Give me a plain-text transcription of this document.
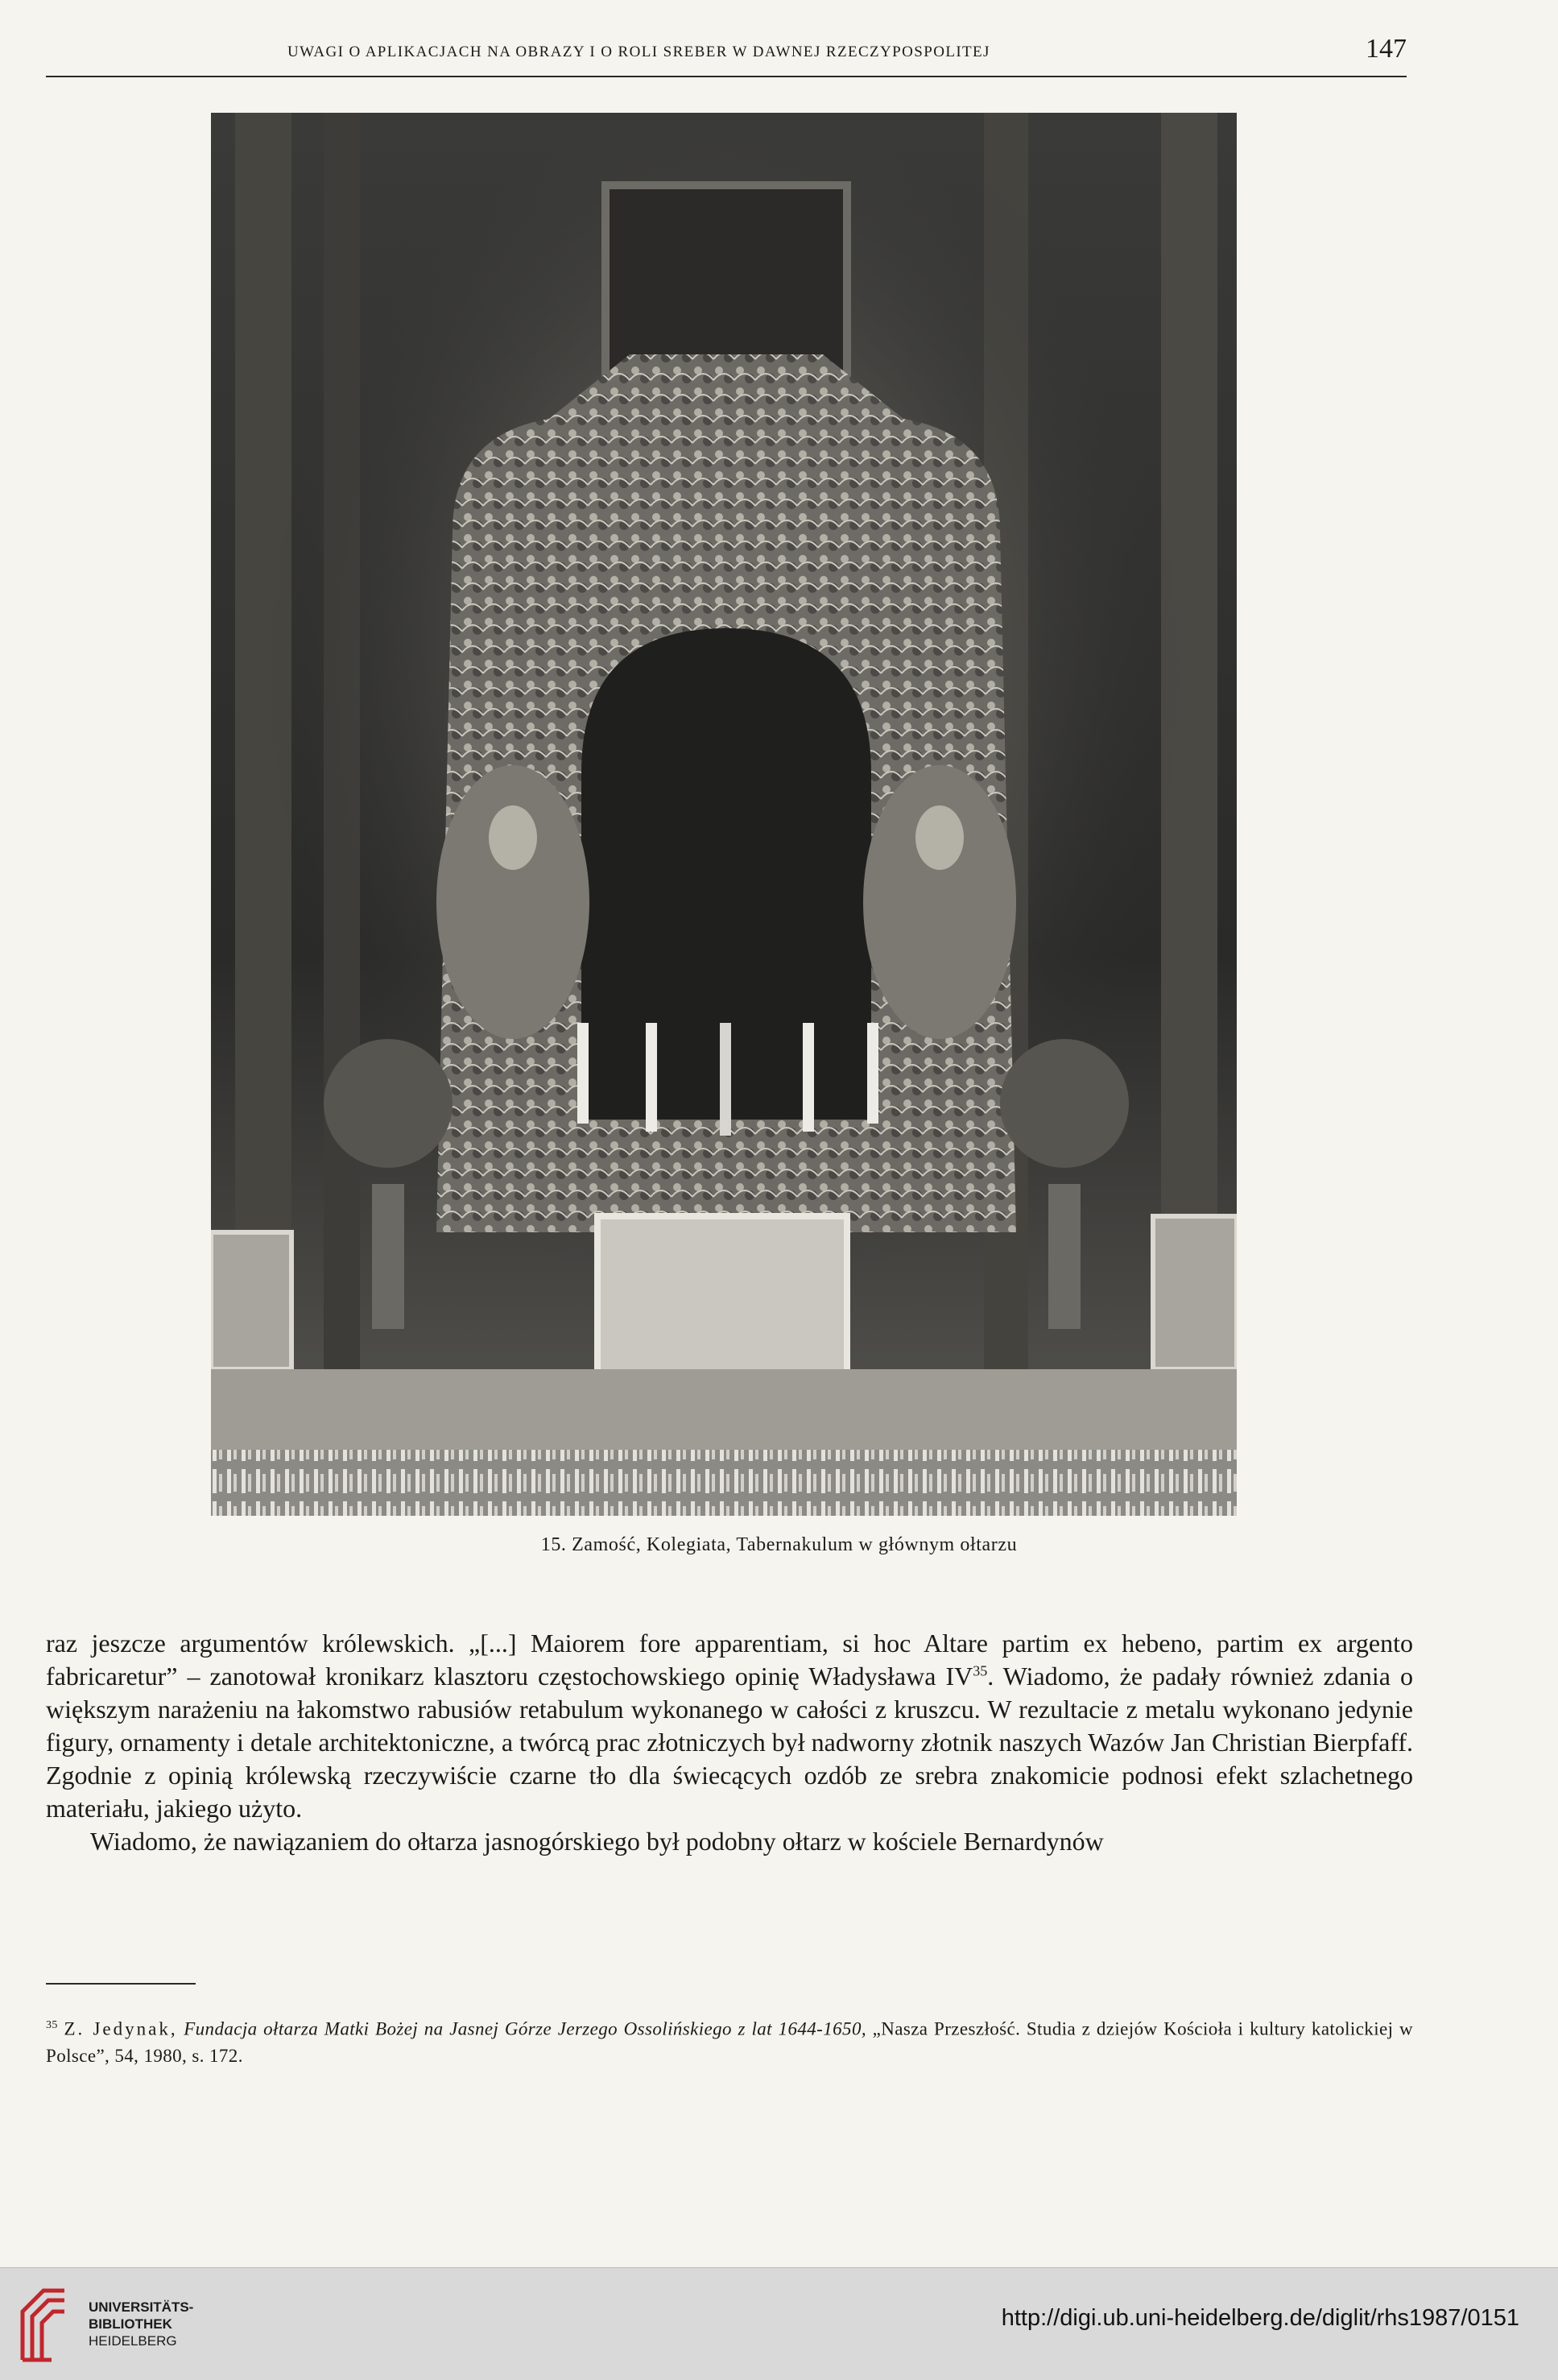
UWAGI O APLIKACJACH NA OBRAZY I O ROLI SREBER W DAWNEJ RZECZYPOSPOLITEJ	147
15. Zamość, Kolegiata, Tabernakulum w głównym ołtarzu

raz jeszcze argumentów królewskich. „[...] Maiorem fore apparentiam, si hoc Altare partim ex hebeno, partim ex argento fabricaretur” – zanotował kronikarz klasztoru częstochowskiego opinię Władysława IV$^{35}$. Wiadomo, że padały również zdania o większym narażeniu na łakomstwo rabusiów retabulum wykonanego w całości z kruszcu. W rezultacie z metalu wykonano jedynie figury, ornamenty i detale architektoniczne, a twórcą prac złotniczych był nadworny złotnik naszych Wazów Jan Christian Bierpfaff. Zgodnie z opinią królewską rzeczywiście czarne tło dla świecących ozdób ze srebra znakomicie podnosi efekt szlachetnego materiału, jakiego użyto.

Wiadomo, że nawiązaniem do ołtarza jasnogórskiego był podobny ołtarz w kościele Bernardynów

$^{35}$ Z. Jedynak, Fundacja ołtarza Matki Bożej na Jasnej Górze Jerzego Ossolińskiego z lat 1644-1650, „Nasza Przeszłość. Studia z dziejów Kościoła i kultury katolickiej w Polsce”, 54, 1980, s. 172.
UNIVERSITÄTS-
BIBLIOTHEK
HEIDELBERG
http://digi.ub.uni-heidelberg.de/diglit/rhs1987/0151
